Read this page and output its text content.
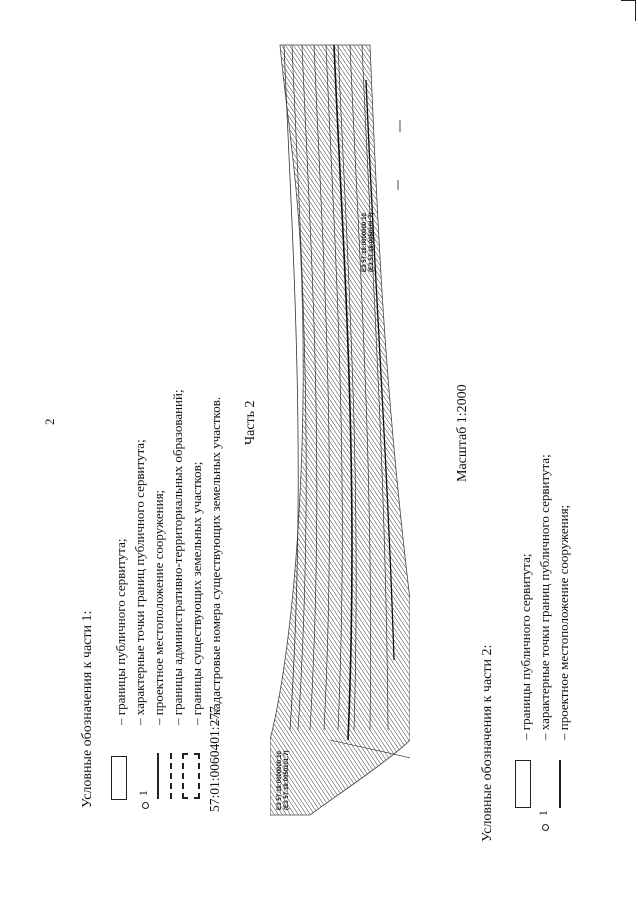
2
Условные обозначения к части 1:	1	57:01:0060401:277
– границы публичного сервитута; – характерные точки границ публичного сервитута; – проектное местоположение сооружения; – границы административно-территориальных образований; – границы существующих земельных участков; – кадастровые номера существующих земельных участков. Часть 2
ЕЗ 57:18:0000000:10 (ЕЗ 57:18:0050101:7)
ЕЗ 57:18:0000000:10 (ЕЗ 57:18:0050101:7)
Масштаб 1:2000
Условные обозначения к части 2:	1
– границы публичного сервитута; – характерные точки границ публичного сервитута; – проектное местоположение сооружения;
